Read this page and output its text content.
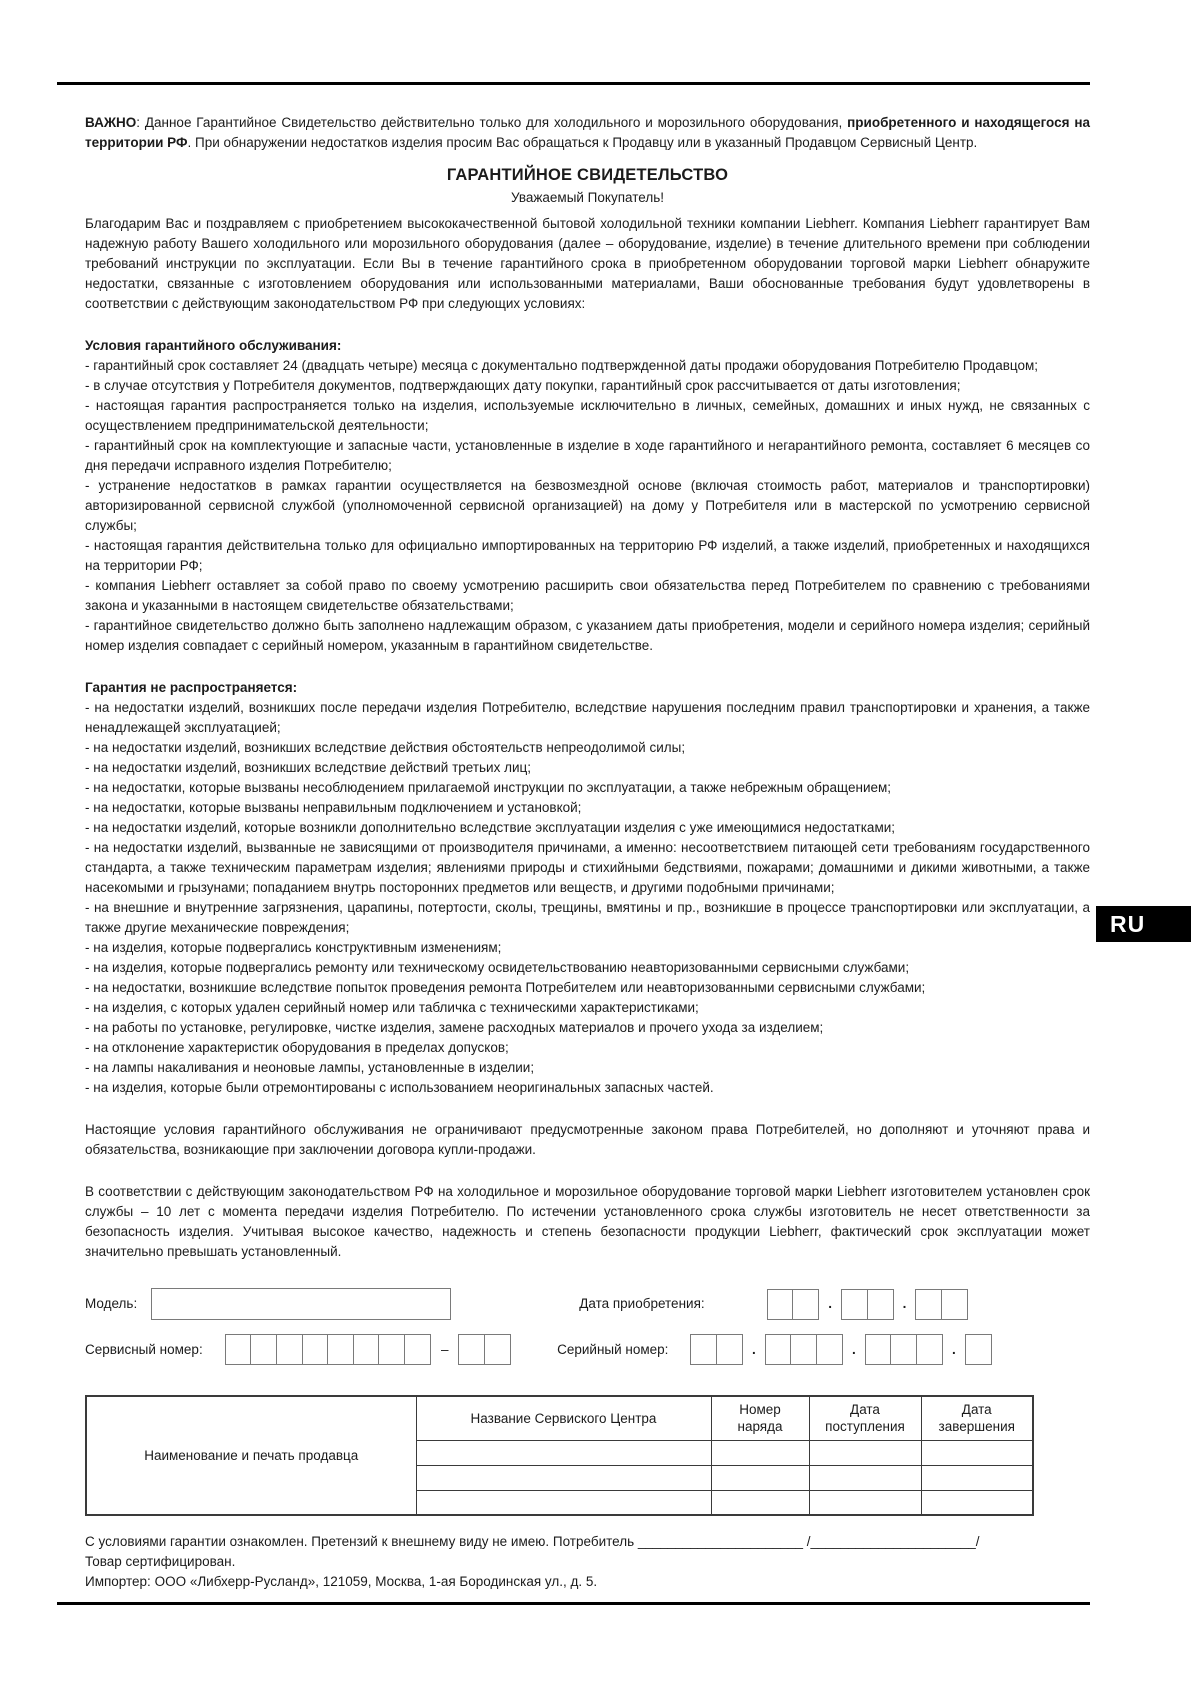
ВАЖНО: Данное Гарантийное Свидетельство действительно только для холодильного и морозильного оборудования, приобретенного и находящегося на территории РФ. При обнаружении недостатков изделия просим Вас обращаться к Продавцу или в указанный Продавцом Сервисный Центр.

ГАРАНТИЙНОЕ СВИДЕТЕЛЬСТВО

Уважаемый Покупатель!

Благодарим Вас и поздравляем с приобретением высококачественной бытовой холодильной техники компании Liebherr. Компания Liebherr гарантирует Вам надежную работу Вашего холодильного или морозильного оборудования (далее – оборудование, изделие) в течение длительного времени при соблюдении требований инструкции по эксплуатации. Если Вы в течение гарантийного срока в приобретенном оборудовании торговой марки Liebherr обнаружите недостатки, связанные с изготовлением оборудования или использованными материалами, Ваши обоснованные требования будут удовлетворены в соответствии с действующим законодательством РФ при следующих условиях:

Условия гарантийного обслуживания:

- гарантийный срок составляет 24 (двадцать четыре) месяца с документально подтвержденной даты продажи оборудования Потребителю Продавцом;
- в случае отсутствия у Потребителя документов, подтверждающих дату покупки, гарантийный срок рассчитывается от даты изготовления;
- настоящая гарантия распространяется только на изделия, используемые исключительно в личных, семейных, домашних и иных нужд, не связанных с осуществлением предпринимательской деятельности;
- гарантийный срок на комплектующие и запасные части, установленные в изделие в ходе гарантийного и негарантийного ремонта, составляет 6 месяцев со дня передачи исправного изделия Потребителю;
- устранение недостатков в рамках гарантии осуществляется на безвозмездной основе (включая стоимость работ, материалов и транспортировки) авторизированной сервисной службой (уполномоченной сервисной организацией) на дому у Потребителя или в мастерской по усмотрению сервисной службы;
- настоящая гарантия действительна только для официально импортированных на территорию РФ изделий, а также изделий, приобретенных и находящихся на территории РФ;
- компания Liebherr оставляет за собой право по своему усмотрению расширить свои обязательства перед Потребителем по сравнению с требованиями закона и указанными в настоящем свидетельстве обязательствами;
- гарантийное свидетельство должно быть заполнено надлежащим образом, с указанием даты приобретения, модели и серийного номера изделия; серийный номер изделия совпадает с серийный номером, указанным в гарантийном свидетельстве.

Гарантия не распространяется:

- на недостатки изделий, возникших после передачи изделия Потребителю, вследствие нарушения последним правил транспортировки и хранения, а также ненадлежащей эксплуатацией;
- на недостатки изделий, возникших вследствие действия обстоятельств непреодолимой силы;
- на недостатки изделий, возникших вследствие действий третьих лиц;
- на недостатки, которые вызваны несоблюдением прилагаемой инструкции по эксплуатации, а также небрежным обращением;
- на недостатки, которые вызваны неправильным подключением и установкой;
- на недостатки изделий, которые возникли дополнительно вследствие эксплуатации изделия с уже имеющимися недостатками;
- на недостатки изделий, вызванные не зависящими от производителя причинами, а именно: несоответствием питающей сети требованиям государственного стандарта, а также техническим параметрам изделия; явлениями природы и стихийными бедствиями, пожарами; домашними и дикими животными, а также насекомыми и грызунами; попаданием внутрь посторонних предметов или веществ, и другими подобными причинами;
- на внешние и внутренние загрязнения, царапины, потертости, сколы, трещины, вмятины и пр., возникшие в процессе транспортировки или эксплуатации, а также другие механические повреждения;
- на изделия, которые подвергались конструктивным изменениям;
- на изделия, которые подвергались ремонту или техническому освидетельствованию неавторизованными сервисными службами;
- на недостатки, возникшие вследствие попыток проведения ремонта Потребителем или неавторизованными сервисными службами;
- на изделия, с которых удален серийный номер или табличка с техническими характеристиками;
- на работы по установке, регулировке, чистке изделия, замене расходных материалов и прочего ухода за изделием;
- на отклонение характеристик оборудования в пределах допусков;
- на лампы накаливания и неоновые лампы, установленные в изделии;
- на изделия, которые были отремонтированы с использованием неоригинальных запасных частей.

Настоящие условия гарантийного обслуживания не ограничивают предусмотренные законом права Потребителей, но дополняют и уточняют права и обязательства, возникающие при заключении договора купли-продажи.

В соответствии с действующим законодательством РФ на холодильное и морозильное оборудование торговой марки Liebherr изготовителем установлен срок службы – 10 лет с момента передачи изделия Потребителю. По истечении установленного срока службы изготовитель не несет ответственности за безопасность изделия. Учитывая высокое качество, надежность и степень безопасности продукции Liebherr, фактический срок эксплуатации может значительно превышать установленный.

Модель:	Дата приобретения:	.	.
Сервисный номер:	–	Серийный номер:	.	.	.
Наименование и печать продавца	Название Сервиского Центра	Номер наряда	Дата поступления	Дата завершения

С условиями гарантии ознакомлен. Претензий к внешнему виду не имею. Потребитель ______________________ /______________________/

Товар сертифицирован.

Импортер: ООО «Либхерр-Русланд», 121059, Москва, 1-ая Бородинская ул., д. 5.

RU
